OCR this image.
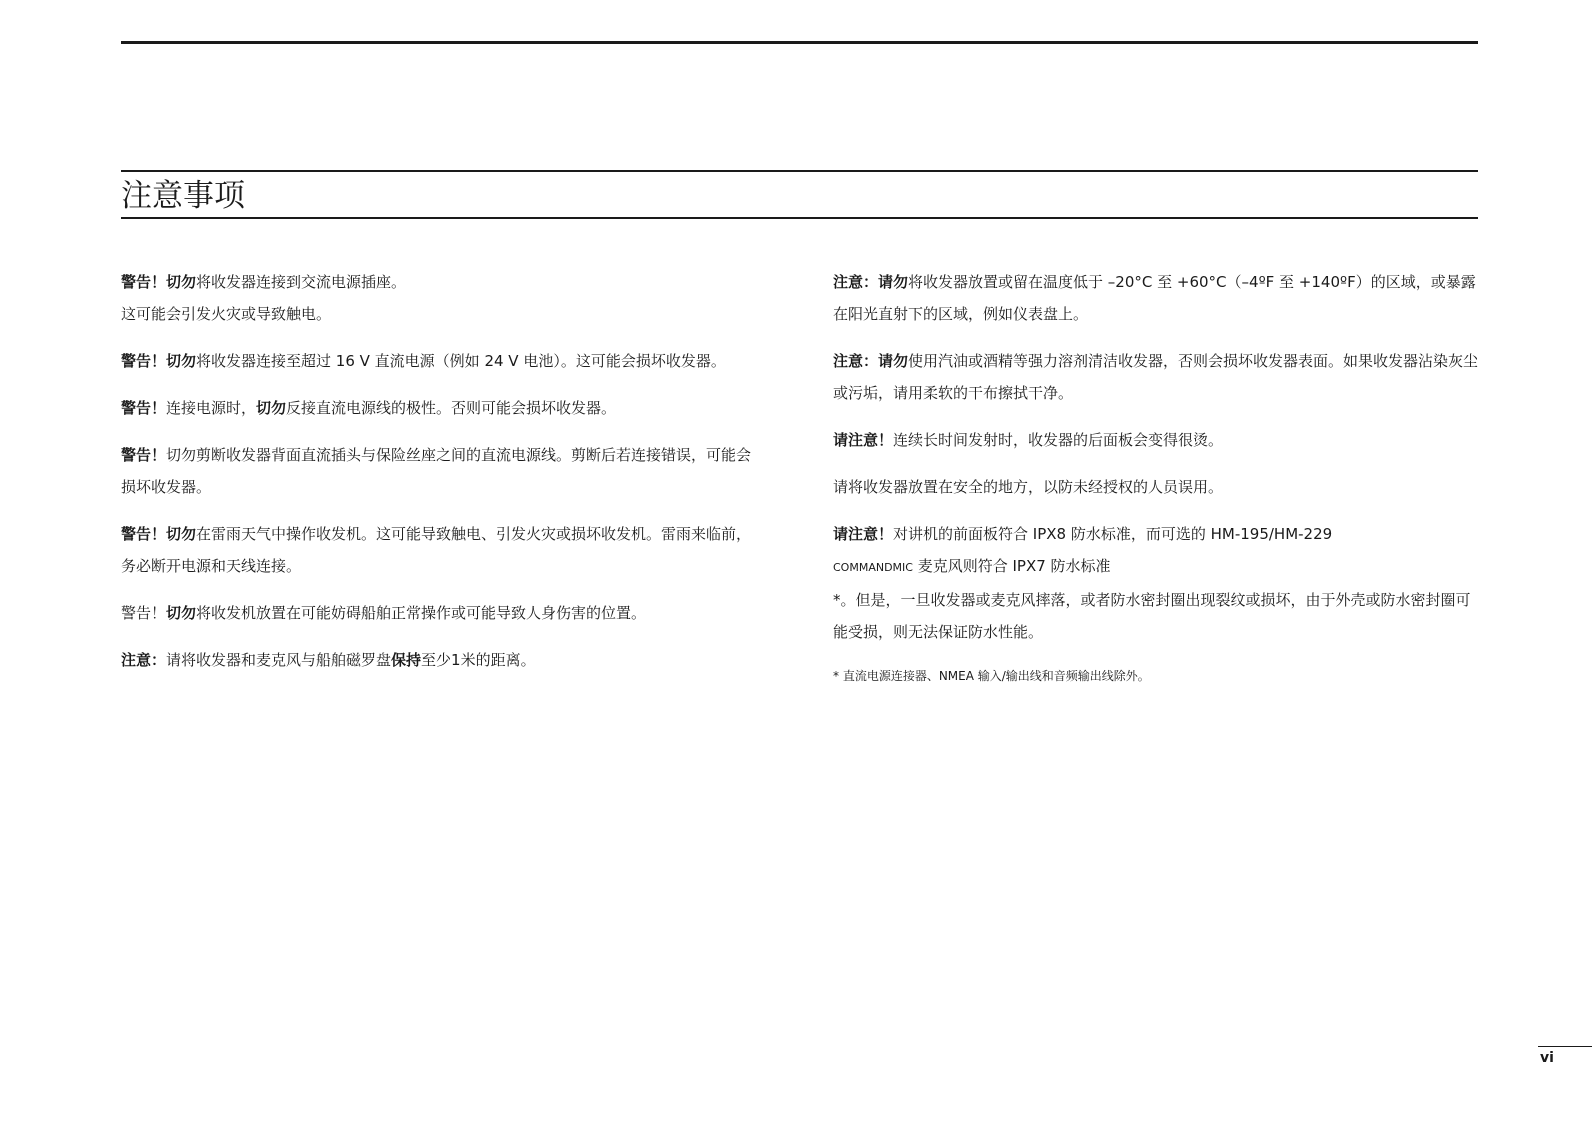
注意事项

警告！切勿将收发器连接到交流电源插座。
这可能会引发火灾或导致触电。

警告！切勿将收发器连接至超过 16 V 直流电源（例如 24 V 电池）。这可能会损坏收发器。

警告！连接电源时，切勿反接直流电源线的极性。否则可能会损坏收发器。

警告！切勿剪断收发器背面直流插头与保险丝座之间的直流电源线。剪断后若连接错误，可能会损坏收发器。

警告！切勿在雷雨天气中操作收发机。这可能导致触电、引发火灾或损坏收发机。雷雨来临前，务必断开电源和天线连接。

警告！切勿将收发机放置在可能妨碍船舶正常操作或可能导致人身伤害的位置。

注意：请将收发器和麦克风与船舶磁罗盘保持至少1米的距离。

注意：请勿将收发器放置或留在温度低于 –20°C 至 +60°C（–4ºF 至 +140ºF）的区域，或暴露在阳光直射下的区域，例如仪表盘上。

注意：请勿使用汽油或酒精等强力溶剂清洁收发器，否则会损坏收发器表面。如果收发器沾染灰尘或污垢，请用柔软的干布擦拭干净。

请注意！连续长时间发射时，收发器的后面板会变得很烫。

请将收发器放置在安全的地方，以防未经授权的人员误用。

请注意！对讲机的前面板符合 IPX8 防水标准，而可选的 HM-195/HM-229
COMMANDMIC 麦克风则符合 IPX7 防水标准

*。但是，一旦收发器或麦克风摔落，或者防水密封圈出现裂纹或损坏，由于外壳或防水密封圈可能受损，则无法保证防水性能。

* 直流电源连接器、NMEA 输入/输出线和音频输出线除外。

vi
